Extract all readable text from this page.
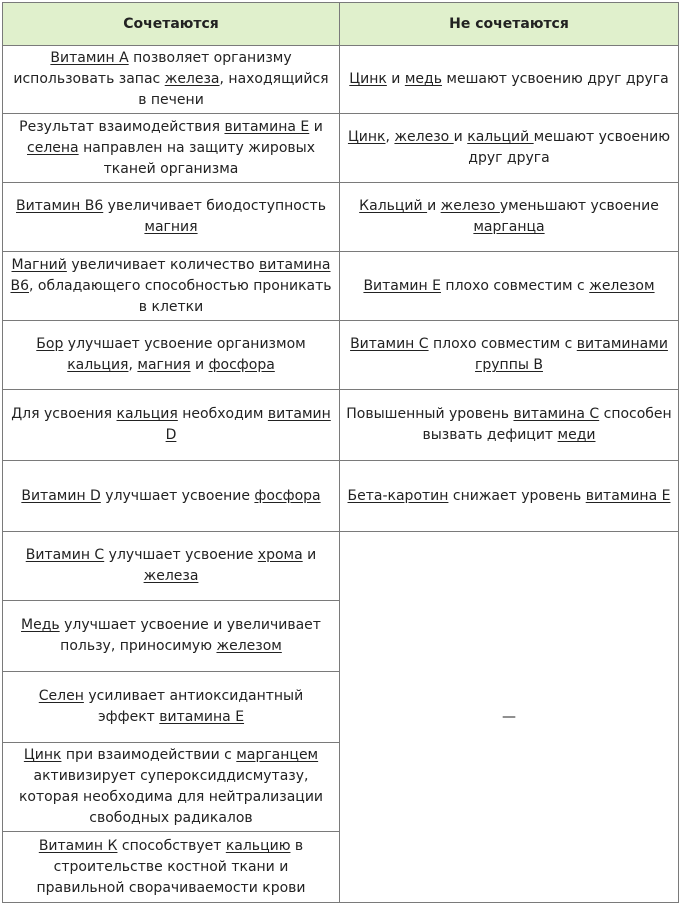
Сочетаются	Не сочетаются
Витамин А позволяет организму использовать запас железа, находящийся в печени	Цинк и медь мешают усвоению друг друга
Результат взаимодействия витамина Е и селена направлен на защиту жировых тканей организма	Цинк, железо и кальций мешают усвоению друг друга
Витамин В6 увеличивает биодоступность магния	Кальций и железо уменьшают усвоение марганца
Магний увеличивает количество витамина В6, обладающего способностью проникать в клетки	Витамин Е плохо совместим с железом
Бор улучшает усвоение организмом кальция, магния и фосфора	Витамин С плохо совместим с витаминами группы В
Для усвоения кальция необходим витамин D	Повышенный уровень витамина С способен вызвать дефицит меди
Витамин D улучшает усвоение фосфора	Бета-каротин снижает уровень витамина Е
Витамин С улучшает усвоение хрома и железа	—
Медь улучшает усвоение и увеличивает пользу, приносимую железом	
Селен усиливает антиоксидантный эффект витамина Е	
Цинк при взаимодействии с марганцем активизирует супероксиддисмутазу, которая необходима для нейтрализации свободных радикалов	
Витамин К способствует кальцию в строительстве костной ткани и правильной сворачиваемости крови	
